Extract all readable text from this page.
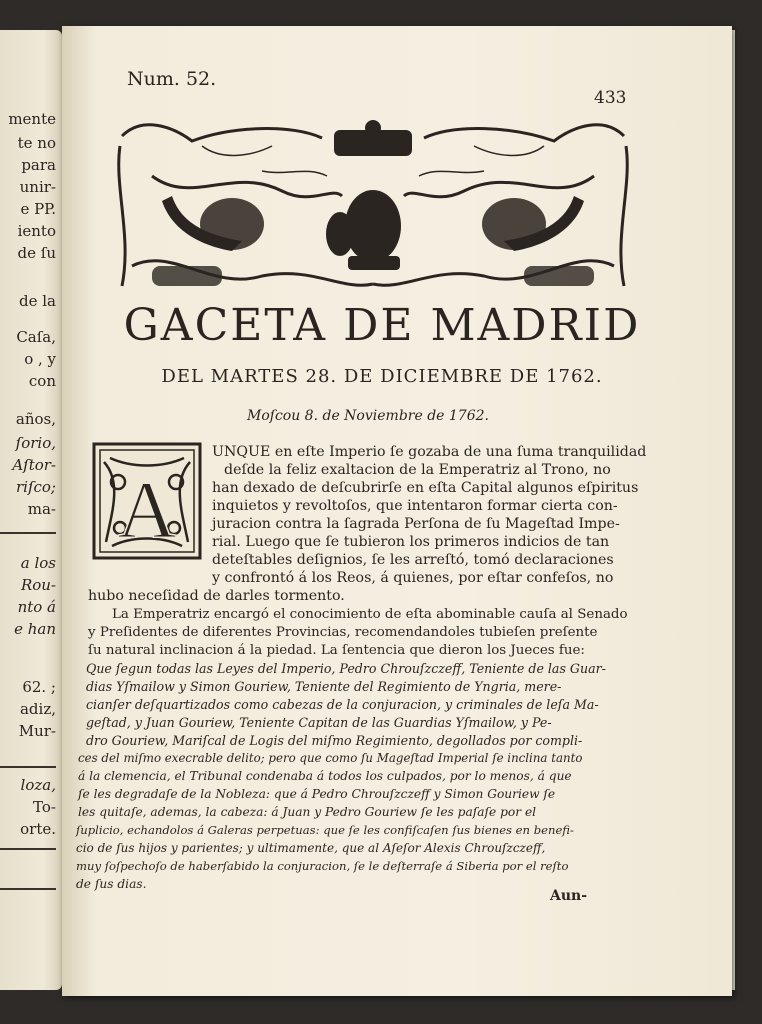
mente
te no
para
unir-
e PP.
iento
de ſu
de la
Caſa,
o , y
con
años,
ſorio,
Aſtor-
riſco;
ma-
a los
Rou-
nto á
e han
62. ;
adiz,
Mur-
loza,
To-
orte.
Num. 52.
433
GACETA DE MADRID
DEL MARTES 28. DE DICIEMBRE DE 1762.
Moſcou 8. de Noviembre de 1762.
A
UNQUE en eſte Imperio ſe gozaba de una ſuma tranquilidad
deſde la feliz exaltacion de la Emperatriz al Trono, no
han dexado de deſcubrirſe en eſta Capital algunos eſpiritus
inquietos y revoltoſos, que intentaron formar cierta con-
juracion contra la ſagrada Perſona de ſu Mageſtad Impe-
rial. Luego que ſe tubieron los primeros indicios de tan
deteſtables deſignios, ſe les arreſtó, tomó declaraciones
y confrontó á los Reos, á quienes, por eſtar confeſos, no
hubo neceſidad de darles tormento.
La Emperatriz encargó el conocimiento de eſta abominable cauſa al Senado
y Preſidentes de diferentes Provincias, recomendandoles tubieſen preſente
ſu natural inclinacion á la piedad. La ſentencia que dieron los Jueces fue:
Que ſegun todas las Leyes del Imperio, Pedro Chrouſzczeff, Teniente de las Guar-
dias Yſmailow y Simon Gouriew, Teniente del Regimiento de Yngria, mere-
cianſer deſquartizados como cabezas de la conjuracion, y criminales de leſa Ma-
geſtad, y Juan Gouriew, Teniente Capitan de las Guardias Yſmailow, y Pe-
dro Gouriew, Mariſcal de Logis del miſmo Regimiento, degollados por compli-
ces del miſmo execrable delito; pero que como ſu Mageſtad Imperial ſe inclina tanto
á la clemencia, el Tribunal condenaba á todos los culpados, por lo menos, á que
ſe les degradaſe de la Nobleza: que á Pedro Chrouſzczeff y Simon Gouriew ſe
les quitaſe, ademas, la cabeza: á Juan y Pedro Gouriew ſe les paſaſe por el
ſuplicio, echandolos á Galeras perpetuas: que ſe les confiſcaſen ſus bienes en benefi-
cio de ſus hijos y parientes; y ultimamente, que al Aſeſor Alexis Chrouſzczeff,
muy ſoſpechoſo de haberſabido la conjuracion, ſe le deſterraſe á Siberia por el reſto
de ſus dias.
Aun-
